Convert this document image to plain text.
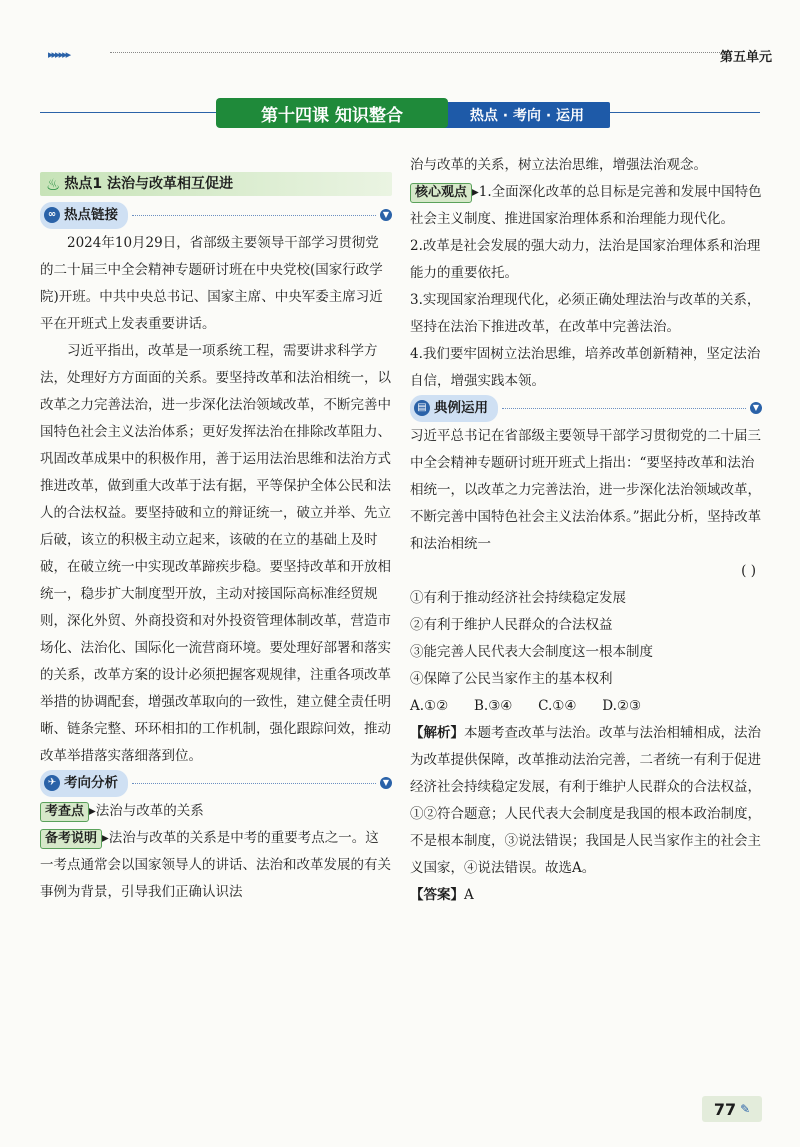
▸▸▸▸▸▸	第五单元
热点 · 考向 · 运用
第十四课 知识整合
♨ 热点1 法治与改革相互促进
∞ 热点链接	▼

2024年10月29日，省部级主要领导干部学习贯彻党的二十届三中全会精神专题研讨班在中央党校(国家行政学院)开班。中共中央总书记、国家主席、中央军委主席习近平在开班式上发表重要讲话。

习近平指出，改革是一项系统工程，需要讲求科学方法，处理好方方面面的关系。要坚持改革和法治相统一，以改革之力完善法治，进一步深化法治领域改革，不断完善中国特色社会主义法治体系；更好发挥法治在排除改革阻力、巩固改革成果中的积极作用，善于运用法治思维和法治方式推进改革，做到重大改革于法有据，平等保护全体公民和法人的合法权益。要坚持破和立的辩证统一，破立并举、先立后破，该立的积极主动立起来，该破的在立的基础上及时破，在破立统一中实现改革蹄疾步稳。要坚持改革和开放相统一，稳步扩大制度型开放，主动对接国际高标准经贸规则，深化外贸、外商投资和对外投资管理体制改革，营造市场化、法治化、国际化一流营商环境。要处理好部署和落实的关系，改革方案的设计必须把握客观规律，注重各项改革举措的协调配套，增强改革取向的一致性，建立健全责任明晰、链条完整、环环相扣的工作机制，强化跟踪问效，推动改革举措落实落细落到位。

✈ 考向分析	▼

考查点 ▸法治与改革的关系

备考说明 ▸法治与改革的关系是中考的重要考点之一。这一考点通常会以国家领导人的讲话、法治和改革发展的有关事例为背景，引导我们正确认识法

治与改革的关系，树立法治思维，增强法治观念。

核心观点 ▸1.全面深化改革的总目标是完善和发展中国特色社会主义制度、推进国家治理体系和治理能力现代化。

2.改革是社会发展的强大动力，法治是国家治理体系和治理能力的重要依托。

3.实现国家治理现代化，必须正确处理法治与改革的关系，坚持在法治下推进改革，在改革中完善法治。

4.我们要牢固树立法治思维，培养改革创新精神，坚定法治自信，增强实践本领。

▤ 典例运用	▼

习近平总书记在省部级主要领导干部学习贯彻党的二十届三中全会精神专题研讨班开班式上指出：“要坚持改革和法治相统一，以改革之力完善法治，进一步深化法治领域改革，不断完善中国特色社会主义法治体系。”据此分析，坚持改革和法治相统一

( )

①有利于推动经济社会持续稳定发展

②有利于维护人民群众的合法权益

③能完善人民代表大会制度这一根本制度

④保障了公民当家作主的基本权利

A.①②      B.③④      C.①④      D.②③

【解析】本题考查改革与法治。改革与法治相辅相成，法治为改革提供保障，改革推动法治完善，二者统一有利于促进经济社会持续稳定发展，有利于维护人民群众的合法权益，①②符合题意；人民代表大会制度是我国的根本政治制度，不是根本制度，③说法错误；我国是人民当家作主的社会主义国家，④说法错误。故选A。

【答案】A

77 ✎
